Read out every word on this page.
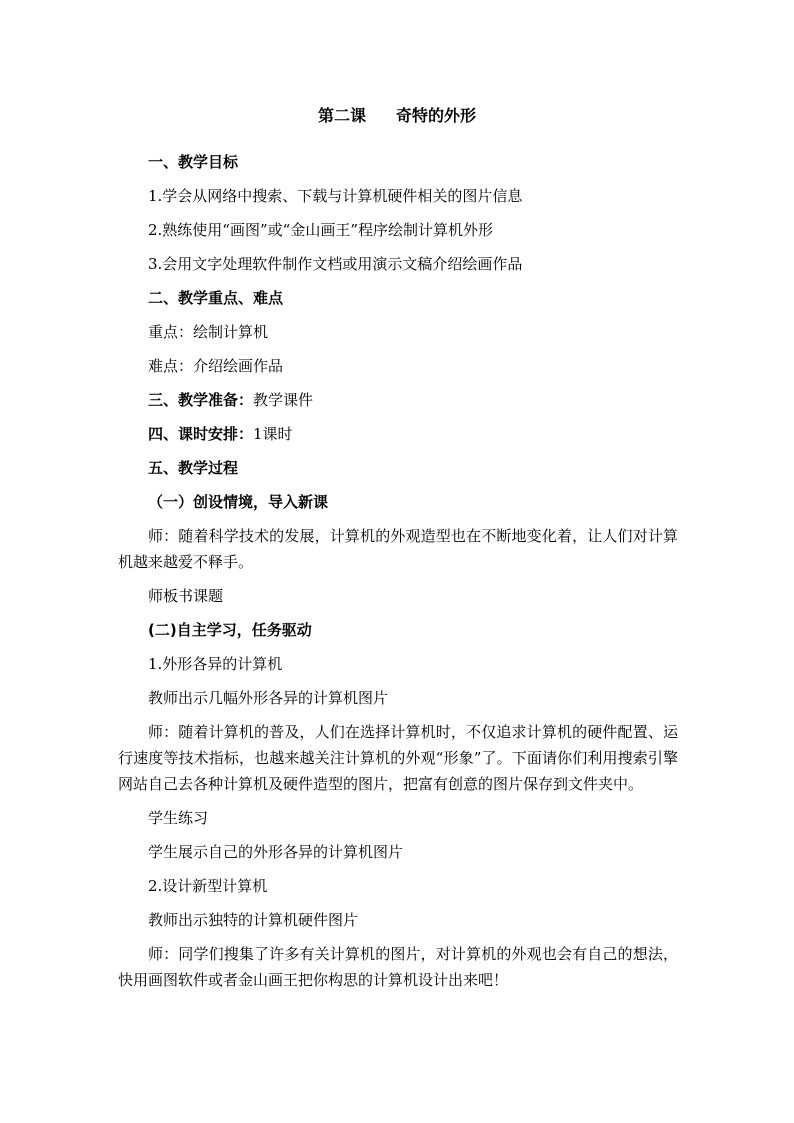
第二课 奇特的外形

一、教学目标

1.学会从网络中搜索、下载与计算机硬件相关的图片信息

2.熟练使用“画图”或“金山画王”程序绘制计算机外形

3.会用文字处理软件制作文档或用演示文稿介绍绘画作品

二、教学重点、难点

重点：绘制计算机

难点：介绍绘画作品

三、教学准备：教学课件

四、课时安排：1课时

五、教学过程

（一）创设情境，导入新课

师：随着科学技术的发展，计算机的外观造型也在不断地变化着，让人们对计算机越来越爱不释手。

师板书课题

(二)自主学习，任务驱动

1.外形各异的计算机

教师出示几幅外形各异的计算机图片

师：随着计算机的普及，人们在选择计算机时，不仅追求计算机的硬件配置、运行速度等技术指标，也越来越关注计算机的外观“形象”了。下面请你们利用搜索引擎网站自己去各种计算机及硬件造型的图片，把富有创意的图片保存到文件夹中。

学生练习

学生展示自己的外形各异的计算机图片

2.设计新型计算机

教师出示独特的计算机硬件图片

师：同学们搜集了许多有关计算机的图片，对计算机的外观也会有自己的想法，快用画图软件或者金山画王把你构思的计算机设计出来吧！
